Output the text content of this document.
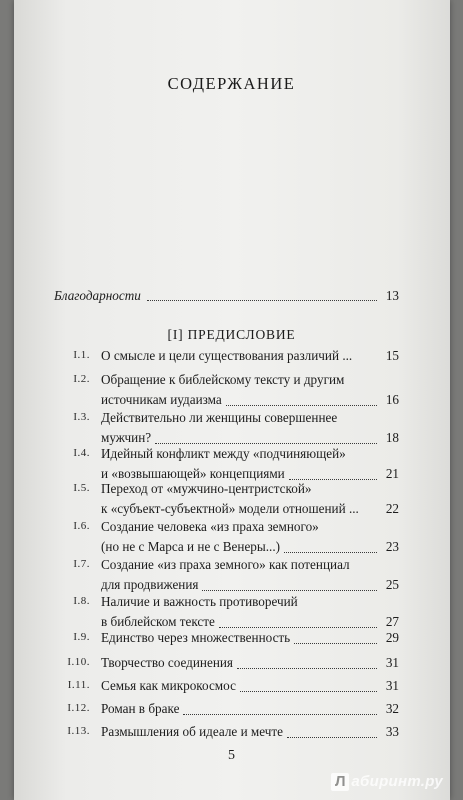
СОДЕРЖАНИЕ
Благодарности	13
[I] ПРЕДИСЛОВИЕ
I.1. О смысле и цели существования различий ...	15
I.2. Обращение к библейскому тексту и другим
источникам иудаизма	16
I.3. Действительно ли женщины совершеннее
мужчин?	18
I.4. Идейный конфликт между «подчиняющей»
и «возвышающей» концепциями	21
I.5. Переход от «мужчино-центристской»
к «субъект-субъектной» модели отношений ... 22
I.6. Создание человека «из праха земного»
(но не с Марса и не с Венеры...)	23
I.7. Создание «из праха земного» как потенциал
для продвижения	25
I.8. Наличие и важность противоречий
в библейском тексте	27
I.9. Единство через множественность	29
I.10. Творчество соединения	31
I.11. Семья как микрокосмос	31
I.12. Роман в браке	32
I.13. Размышления об идеале и мечте	33
5
Л абиринт.ру
